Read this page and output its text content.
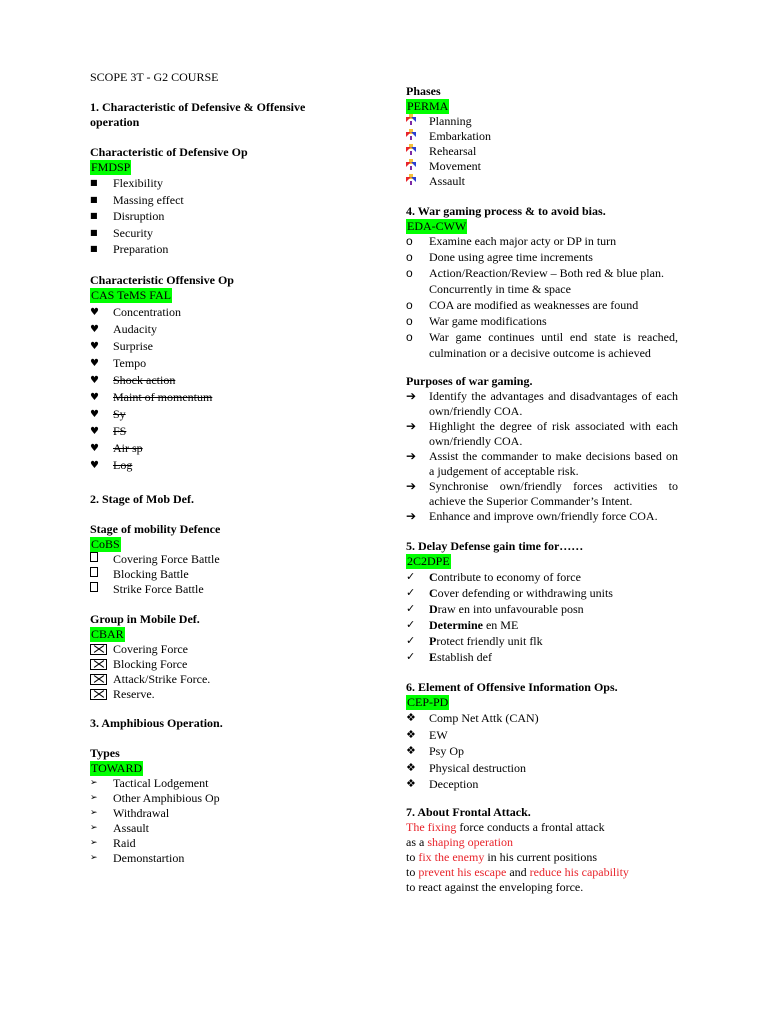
SCOPE 3T - G2 COURSE
1. Characteristic of Defensive & Offensive operation
Characteristic of Defensive Op
FMDSP
■	Flexibility
■	Massing effect
■	Disruption
■	Security
■	Preparation
Characteristic Offensive Op
CAS TeMS FAL
♥	Concentration
♥	Audacity
♥	Surprise
♥	Tempo
♥	Shock action
♥	Maint of momentum
♥	Sy
♥	FS
♥	Air sp
♥	Log
2. Stage of Mob Def.
Stage of mobility Defence
CoBS
Covering Force Battle
Blocking Battle
Strike Force Battle
Group in Mobile Def.
CBAR
Covering Force
Blocking Force
Attack/Strike Force.
Reserve.
3. Amphibious Operation.
Types
TOWARD
➢	Tactical Lodgement
➢	Other Amphibious Op
➢	Withdrawal
➢	Assault
➢	Raid
➢	Demonstartion
Phases
PERMA
Planning
Embarkation
Rehearsal
Movement
Assault
4. War gaming process & to avoid bias.
EDA-CWW
o	Examine each major acty or DP in turn
o	Done using agree time increments
o	Action/Reaction/Review – Both red & blue plan. Concurrently in time & space
o	COA are modified as weaknesses are found
o	War game modifications
o	War game continues until end state is reached, culmination or a decisive outcome is achieved
Purposes of war gaming.
➔	Identify the advantages and disadvantages of each own/friendly COA.
➔	Highlight the degree of risk associated with each own/friendly COA.
➔	Assist the commander to make decisions based on a judgement of acceptable risk.
➔	Synchronise own/friendly forces activities to achieve the Superior Commander’s Intent.
➔	Enhance and improve own/friendly force COA.
5. Delay Defense gain time for……
2C2DPE
✓	Contribute to economy of force
✓	Cover defending or withdrawing units
✓	Draw en into unfavourable posn
✓	Determine en ME
✓	Protect friendly unit flk
✓	Establish def
6. Element of Offensive Information Ops.
CEP-PD
❖	Comp Net Attk (CAN)
❖	EW
❖	Psy Op
❖	Physical destruction
❖	Deception
7. About Frontal Attack.
The fixing force conducts a frontal attack
as a shaping operation
to fix the enemy in his current positions
to prevent his escape and reduce his capability
to react against the enveloping force.
